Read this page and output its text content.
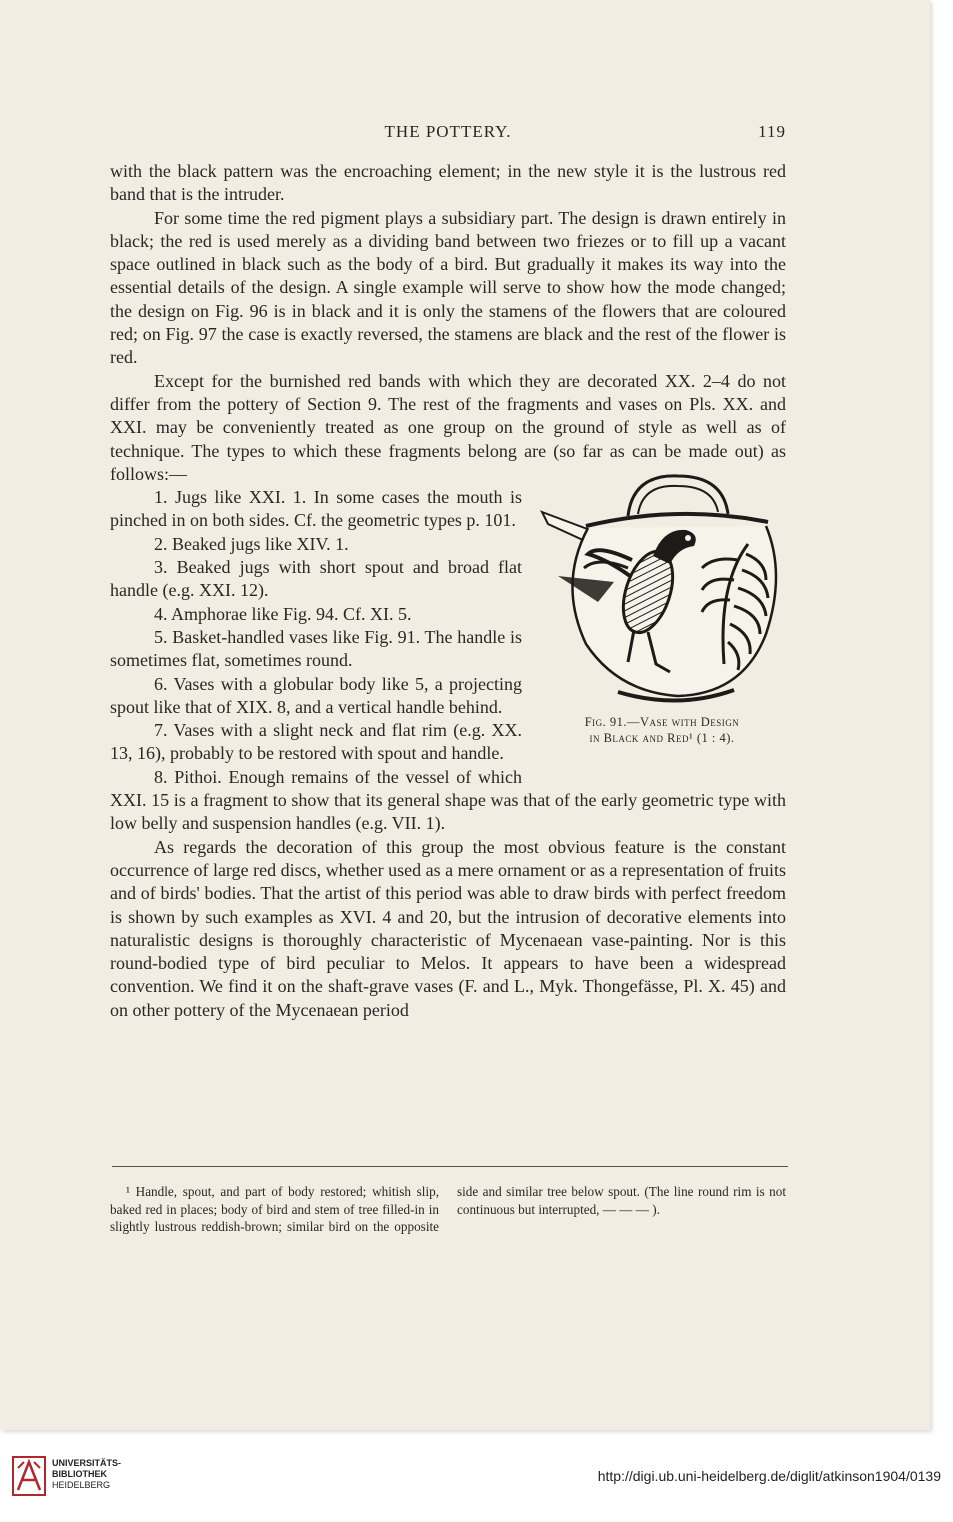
THE POTTERY.	119

with the black pattern was the encroaching element; in the new style it is the lustrous red band that is the intruder.

For some time the red pigment plays a subsidiary part. The design is drawn entirely in black; the red is used merely as a dividing band between two friezes or to fill up a vacant space outlined in black such as the body of a bird. But gradually it makes its way into the essential details of the design. A single example will serve to show how the mode changed; the design on Fig. 96 is in black and it is only the stamens of the flowers that are coloured red; on Fig. 97 the case is exactly reversed, the stamens are black and the rest of the flower is red.

Except for the burnished red bands with which they are decorated XX. 2–4 do not differ from the pottery of Section 9. The rest of the fragments and vases on Pls. XX. and XXI. may be conveniently treated as one group on the ground of style as well as of technique. The types to which these fragments belong are (so far as can be made out) as follows:—

Fig. 91.—Vase with Design
in Black and Red¹ (1 : 4).

1. Jugs like XXI. 1. In some cases the mouth is pinched in on both sides. Cf. the geometric types p. 101.

2. Beaked jugs like XIV. 1.

3. Beaked jugs with short spout and broad flat handle (e.g. XXI. 12).

4. Amphorae like Fig. 94. Cf. XI. 5.

5. Basket-handled vases like Fig. 91. The handle is sometimes flat, sometimes round.

6. Vases with a globular body like 5, a projecting spout like that of XIX. 8, and a vertical handle behind.

7. Vases with a slight neck and flat rim (e.g. XX. 13, 16), probably to be restored with spout and handle.

8. Pithoi. Enough remains of the vessel of which XXI. 15 is a fragment to show that its general shape was that of the early geometric type with low belly and suspension handles (e.g. VII. 1).

As regards the decoration of this group the most obvious feature is the constant occurrence of large red discs, whether used as a mere ornament or as a representation of fruits and of birds' bodies. That the artist of this period was able to draw birds with perfect freedom is shown by such examples as XVI. 4 and 20, but the intrusion of decorative elements into naturalistic designs is thoroughly characteristic of Mycenaean vase-painting. Nor is this round-bodied type of bird peculiar to Melos. It appears to have been a widespread convention. We find it on the shaft-grave vases (F. and L., Myk. Thongefässe, Pl. X. 45) and on other pottery of the Mycenaean period

¹ Handle, spout, and part of body restored; whitish slip, baked red in places; body of bird and stem of tree filled-in in slightly lustrous reddish-brown; similar bird on the opposite side and similar tree below spout. (The line round rim is not continuous but interrupted, — — — ).

UNIVERSITÄTS-
BIBLIOTHEK
HEIDELBERG
http://digi.ub.uni-heidelberg.de/diglit/atkinson1904/0139
